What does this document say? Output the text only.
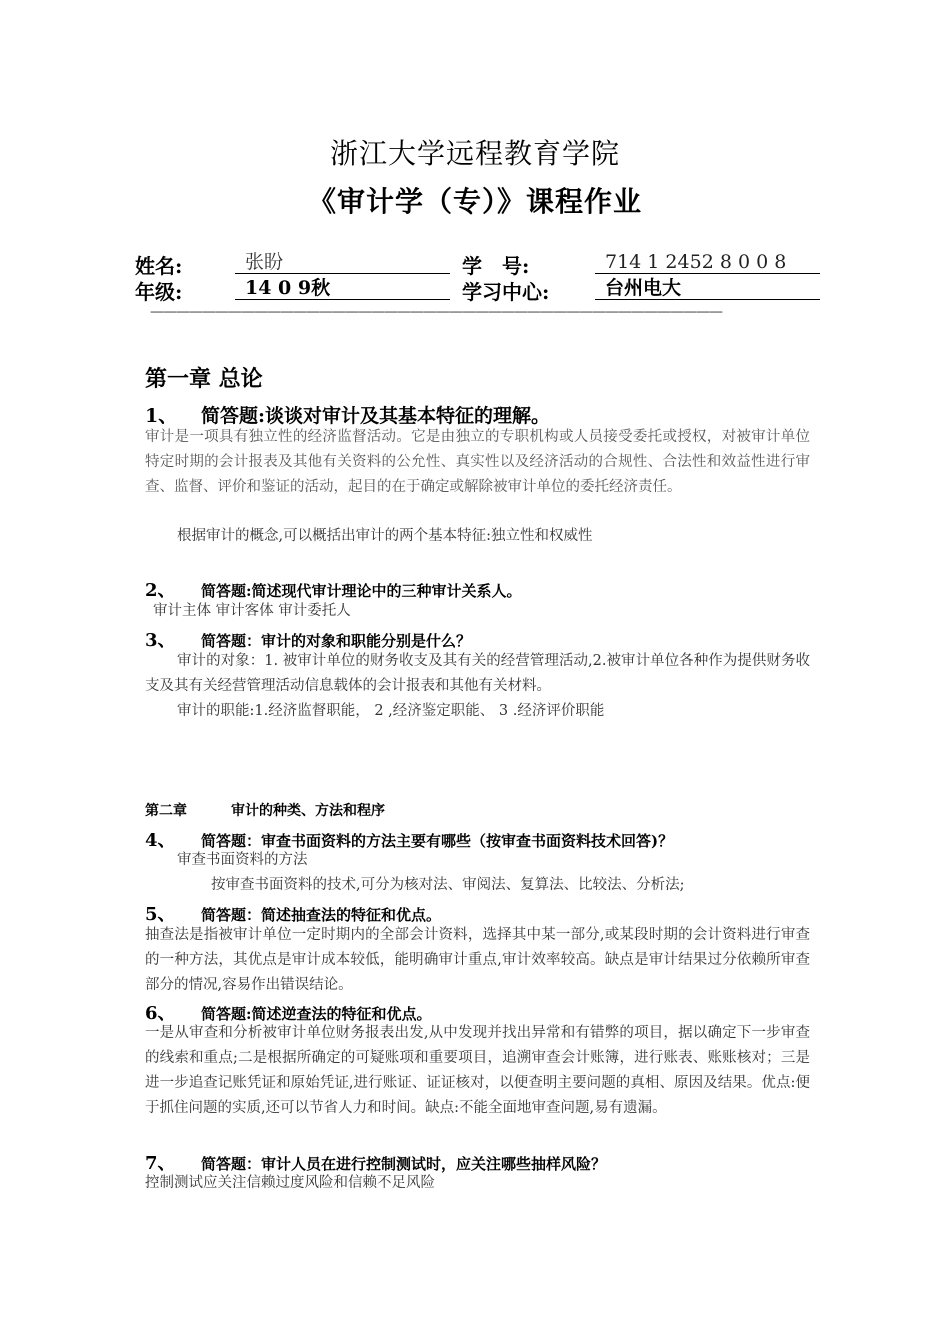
浙江大学远程教育学院
《审计学（专）》课程作业
姓名:	张盼	学　号:	714 1 2452 8 0 0 8
年级:	14 0 9秋	学习中心:	台州电大
————————————————————————————————————————————
第一章 总论
1、 简答题:谈谈对审计及其基本特征的理解。
审计是一项具有独立性的经济监督活动。它是由独立的专职机构或人员接受委托或授权，对被审计单位特定时期的会计报表及其他有关资料的公允性、真实性以及经济活动的合规性、合法性和效益性进行审查、监督、评价和鉴证的活动，起目的在于确定或解除被审计单位的委托经济责任。
根据审计的概念,可以概括出审计的两个基本特征:独立性和权威性
2、 简答题:简述现代审计理论中的三种审计关系人。
审计主体 审计客体 审计委托人
3、 简答题：审计的对象和职能分别是什么？
审计的对象：1. 被审计单位的财务收支及其有关的经营管理活动,2.被审计单位各种作为提供财务收支及其有关经营管理活动信息载体的会计报表和其他有关材料。
审计的职能:1.经济监督职能， 2 ,经济鉴定职能、 3 .经济评价职能
第二章	审计的种类、方法和程序
4、 简答题：审查书面资料的方法主要有哪些（按审查书面资料技术回答)？
审查书面资料的方法
按审查书面资料的技术,可分为核对法、审阅法、复算法、比较法、分析法;
5、 简答题：简述抽查法的特征和优点。
抽查法是指被审计单位一定时期内的全部会计资料，选择其中某一部分,或某段时期的会计资料进行审查的一种方法，其优点是审计成本较低，能明确审计重点,审计效率较高。缺点是审计结果过分依赖所审查部分的情况,容易作出错误结论。
6、 简答题:简述逆查法的特征和优点。
一是从审查和分析被审计单位财务报表出发,从中发现并找出异常和有错弊的项目，据以确定下一步审查的线索和重点;二是根据所确定的可疑账项和重要项目，追溯审查会计账簿，进行账表、账账核对；三是进一步追查记账凭证和原始凭证,进行账证、证证核对，以便查明主要问题的真相、原因及结果。优点:便于抓住问题的实质,还可以节省人力和时间。缺点:不能全面地审查问题,易有遗漏。
7、 简答题：审计人员在进行控制测试时，应关注哪些抽样风险？
控制测试应关注信赖过度风险和信赖不足风险
